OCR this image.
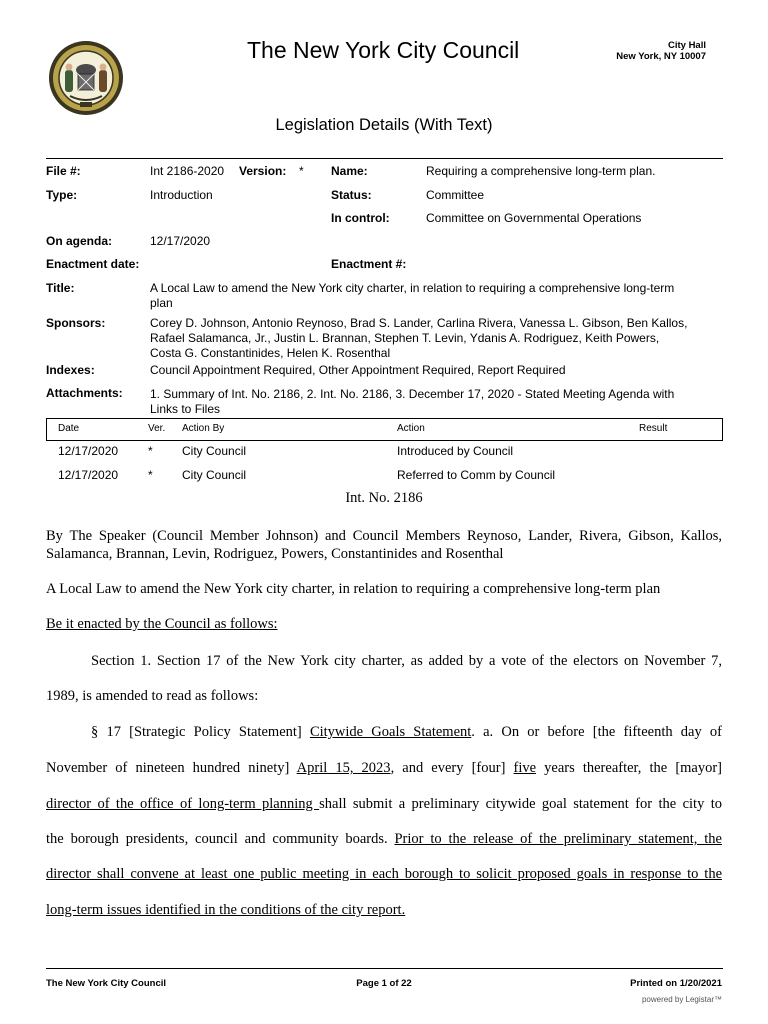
The New York City Council	City Hall
New York, NY 10007
Legislation Details (With Text)
File #:	Int 2186-2020 Version: * Name:	Requiring a comprehensive long-term plan.
Type:	Introduction	Status:	Committee
In control:	Committee on Governmental Operations
On agenda:	12/17/2020
Enactment date:	Enactment #:
Title:	A Local Law to amend the New York city charter, in relation to requiring a comprehensive long-term
plan
Sponsors:	Corey D. Johnson, Antonio Reynoso, Brad S. Lander, Carlina Rivera, Vanessa L. Gibson, Ben Kallos,
Rafael Salamanca, Jr., Justin L. Brannan, Stephen T. Levin, Ydanis A. Rodriguez, Keith Powers,
Costa G. Constantinides, Helen K. Rosenthal
Indexes:	Council Appointment Required, Other Appointment Required, Report Required
Attachments: 1. Summary of Int. No. 2186, 2. Int. No. 2186, 3. December 17, 2020 - Stated Meeting Agenda with
Links to Files
Date	Ver. Action By	Action	Result
12/17/2020 * City Council	Introduced by Council
12/17/2020 * City Council	Referred to Comm by Council
Int. No. 2186
By The Speaker (Council Member Johnson) and Council Members Reynoso, Lander, Rivera, Gibson, Kallos,
Salamanca, Brannan, Levin, Rodriguez, Powers, Constantinides and Rosenthal
A Local Law to amend the New York city charter, in relation to requiring a comprehensive long-term plan
Be it enacted by the Council as follows:
Section 1. Section 17 of the New York city charter, as added by a vote of the electors on November 7,
1989, is amended to read as follows:
§ 17 [Strategic Policy Statement] Citywide Goals Statement. a. On or before [the fifteenth day of
November of nineteen hundred ninety] April 15, 2023, and every [four] five years thereafter, the [mayor]
director of the office of long-term planning shall submit a preliminary citywide goal statement for the city to
the borough presidents, council and community boards. Prior to the release of the preliminary statement, the
director shall convene at least one public meeting in each borough to solicit proposed goals in response to the
long-term issues identified in the conditions of the city report.
The New York City Council	Page 1 of 22	Printed on 1/20/2021
powered by Legistar™
